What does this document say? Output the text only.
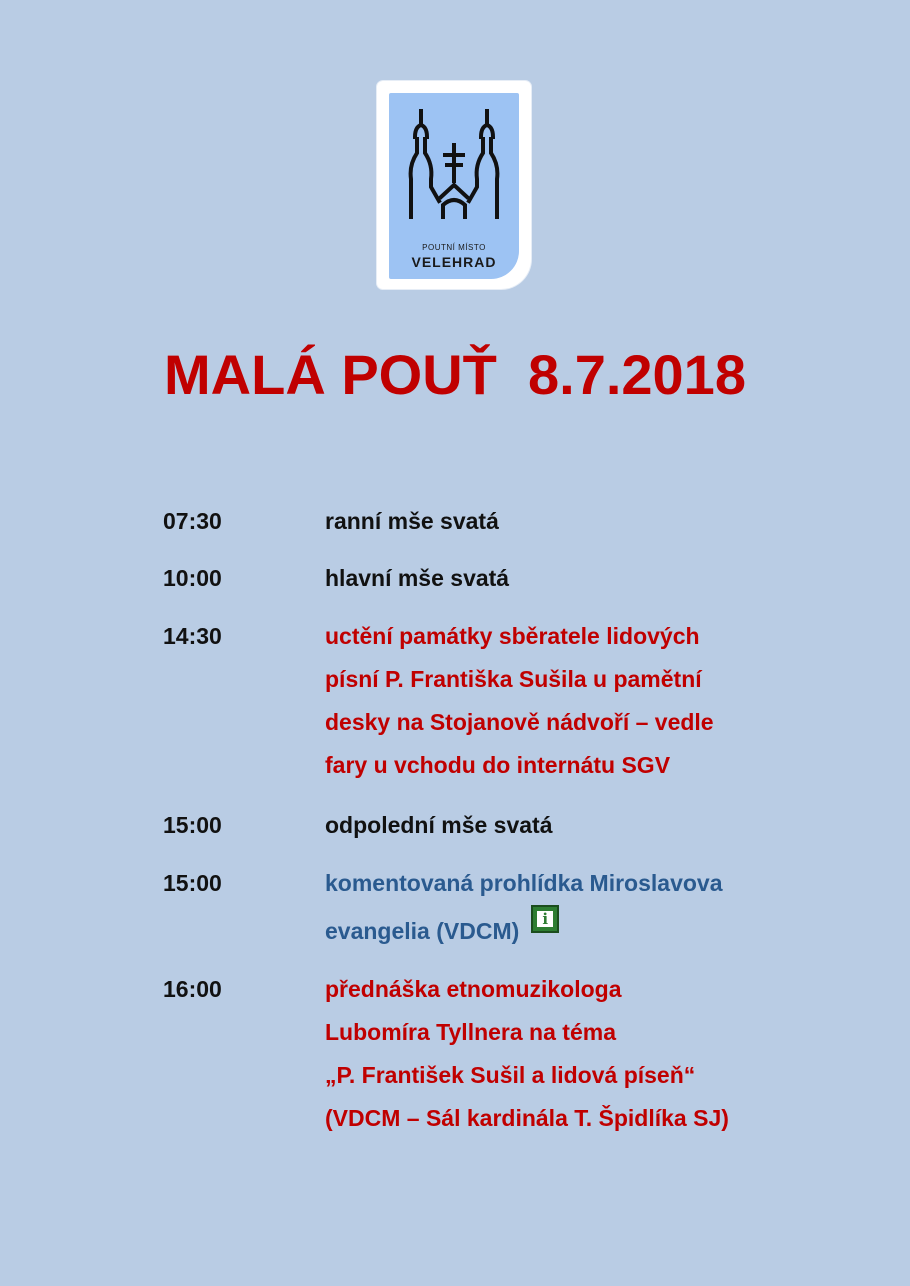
POUTNÍ MÍSTO
VELEHRAD
MALÁ POUŤ  8.7.2018
07:30	ranní mše svatá
10:00	hlavní mše svatá
14:30	uctění památky sběratele lidových
písní P. Františka Sušila u pamětní
desky na Stojanově nádvoří – vedle
fary u vchodu do internátu SGV
15:00	odpolední mše svatá
15:00	komentovaná prohlídka Miroslavova
evangelia (VDCM)	i
16:00	přednáška etnomuzikologa
Lubomíra Tyllnera na téma
„P. František Sušil a lidová píseň“
(VDCM – Sál kardinála T. Špidlíka SJ)
